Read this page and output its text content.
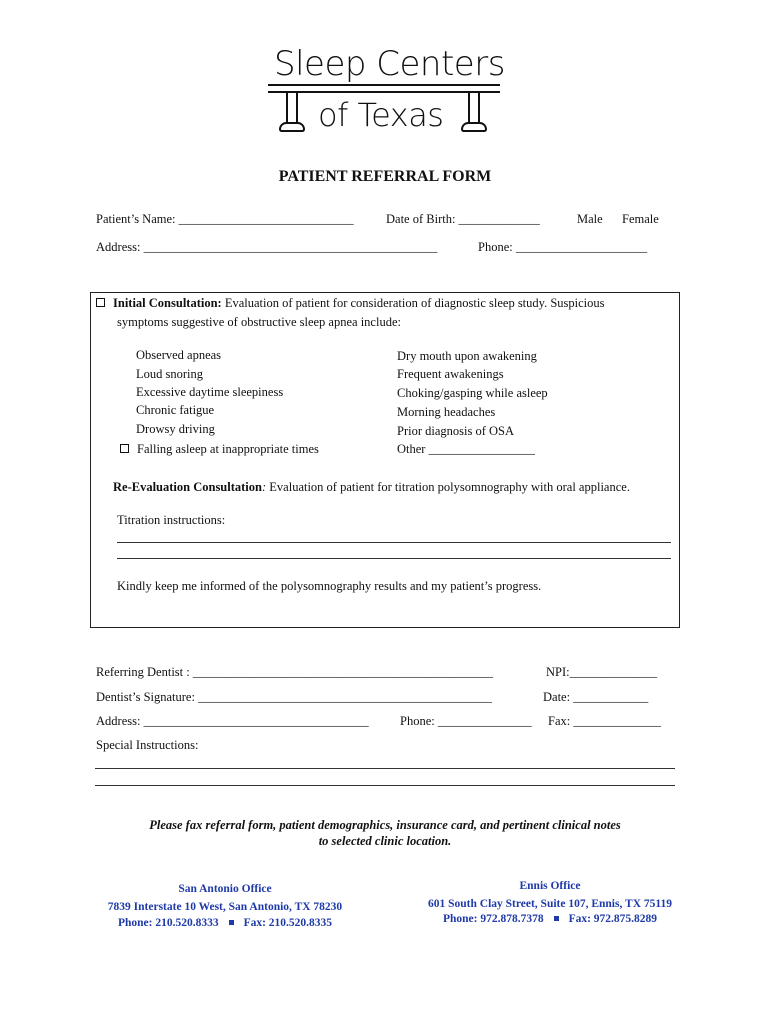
Sleep Centers
of Texas
PATIENT REFERRAL FORM
Patient’s Name: ____________________________	Date of Birth: _____________	Male Female
Address: _______________________________________________	Phone: _____________________
Initial Consultation: Evaluation of patient for consideration of diagnostic sleep study. Suspicious
symptoms suggestive of obstructive sleep apnea include:
Observed apneas
Loud snoring
Excessive daytime sleepiness
Chronic fatigue
Drowsy driving
Falling asleep at inappropriate times
Dry mouth upon awakening
Frequent awakenings
Choking/gasping while asleep
Morning headaches
Prior diagnosis of OSA
Other _________________
Re-Evaluation Consultation: Evaluation of patient for titration polysomnography with oral appliance.
Titration instructions:
Kindly keep me informed of the polysomnography results and my patient’s progress.
Referring Dentist : ________________________________________________	NPI:______________
Dentist’s Signature: _______________________________________________	Date: ____________
Address: ____________________________________	Phone: _______________ Fax: ______________
Special Instructions:
Please fax referral form, patient demographics, insurance card, and pertinent clinical notes
to selected clinic location.
San Antonio Office
7839 Interstate 10 West, San Antonio, TX 78230
Phone: 210.520.8333 Fax: 210.520.8335
Ennis Office
601 South Clay Street, Suite 107, Ennis, TX 75119
Phone: 972.878.7378 Fax: 972.875.8289
